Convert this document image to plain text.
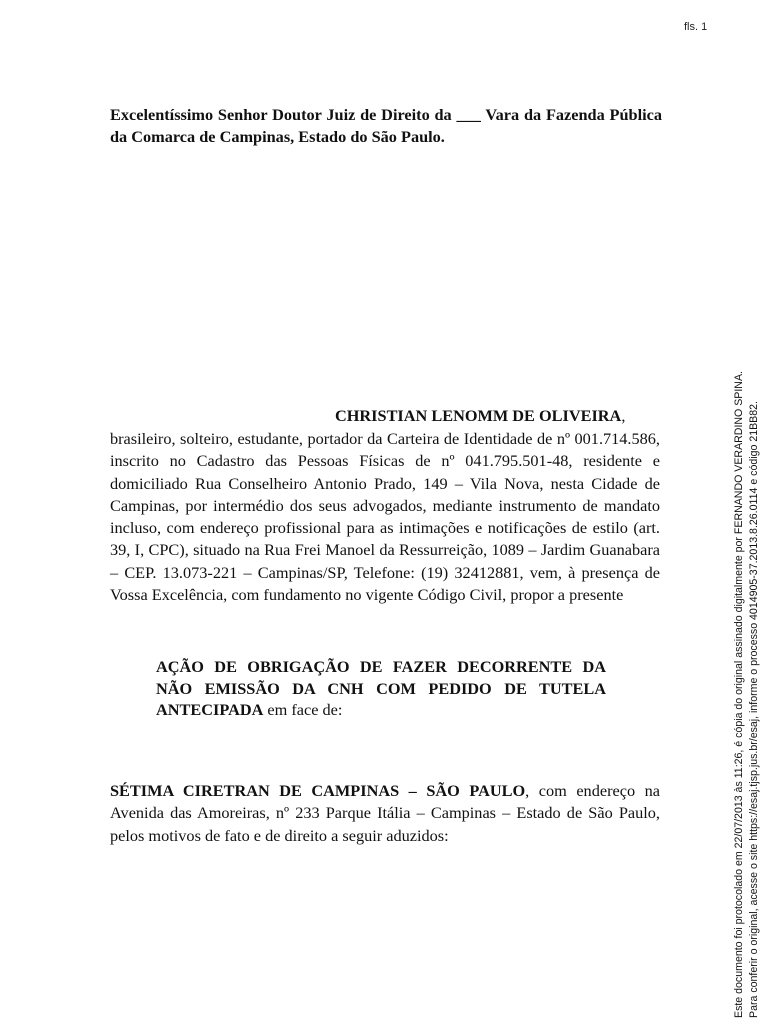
fls. 1
Excelentíssimo Senhor Doutor Juiz de Direito da ___ Vara da Fazenda Pública da Comarca de Campinas, Estado do São Paulo.
CHRISTIAN LENOMM DE OLIVEIRA,
brasileiro, solteiro, estudante, portador da Carteira de Identidade de nº 001.714.586, inscrito no Cadastro das Pessoas Físicas de nº 041.795.501-48, residente e domiciliado Rua Conselheiro Antonio Prado, 149 – Vila Nova, nesta Cidade de Campinas, por intermédio dos seus advogados, mediante instrumento de mandato incluso, com endereço profissional para as intimações e notificações de estilo (art. 39, I, CPC), situado na Rua Frei Manoel da Ressurreição, 1089 – Jardim Guanabara – CEP. 13.073-221 – Campinas/SP, Telefone: (19) 32412881, vem, à presença de Vossa Excelência, com fundamento no vigente Código Civil, propor a presente
AÇÃO DE OBRIGAÇÃO DE FAZER DECORRENTE DA NÃO EMISSÃO DA CNH COM PEDIDO DE TUTELA ANTECIPADA em face de:
SÉTIMA CIRETRAN DE CAMPINAS – SÃO PAULO, com endereço na Avenida das Amoreiras, nº 233 Parque Itália – Campinas – Estado de São Paulo, pelos motivos de fato e de direito a seguir aduzidos:	Este documento foi protocolado em 22/07/2013 às 11:26, é cópia do original assinado digitalmente por FERNANDO VERARDINO SPINA. Para conferir o original, acesse o site https://esaj.tjsp.jus.br/esaj, informe o processo 4014905-37.2013.8.26.0114 e código 21BB82.
